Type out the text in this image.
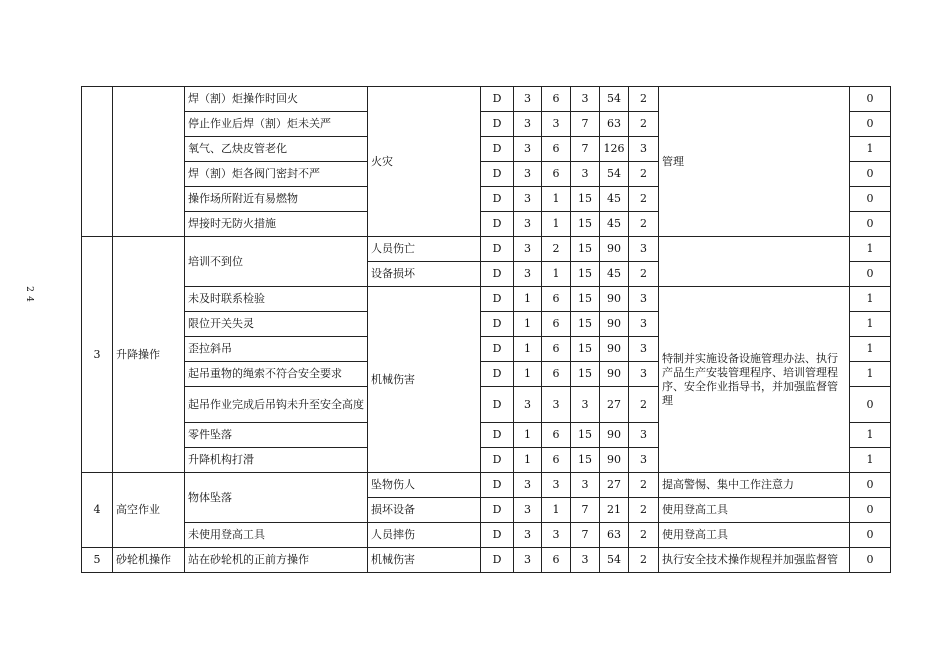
2
4
		焊（割）炬操作时回火	火灾	D	3	6	3	54	2	管理	0
		停止作业后焊（割）炬未关严		D	3	3	7	63	2		0
		氧气、乙炔皮管老化		D	3	6	7	126	3		1
		焊（割）炬各阀门密封不严		D	3	6	3	54	2		0
		操作场所附近有易燃物		D	3	1	15	45	2		0
		焊接时无防火措施		D	3	1	15	45	2		0
3	升降操作	培训不到位	人员伤亡	D	3	2	15	90	3		1
			设备损坏	D	3	1	15	45	2		0
		未及时联系检验	机械伤害	D	1	6	15	90	3	特制并实施设备设施管理办法、执行产品生产安装管理程序、培训管理程序、安全作业指导书，并加强监督管理	1
		限位开关失灵		D	1	6	15	90	3		1
		歪拉斜吊		D	1	6	15	90	3		1
		起吊重物的绳索不符合安全要求		D	1	6	15	90	3		1
		起吊作业完成后吊钩未升至安全高度		D	3	3	3	27	2		0
		零件坠落		D	1	6	15	90	3		1
		升降机构打滑		D	1	6	15	90	3		1
4	高空作业	物体坠落	坠物伤人	D	3	3	3	27	2	提高警惕、集中工作注意力	0
			损坏设备	D	3	1	7	21	2	使用登高工具	0
		未使用登高工具	人员摔伤	D	3	3	7	63	2	使用登高工具	0
5	砂轮机操作	站在砂轮机的正前方操作	机械伤害	D	3	6	3	54	2	执行安全技术操作规程并加强监督管	0
